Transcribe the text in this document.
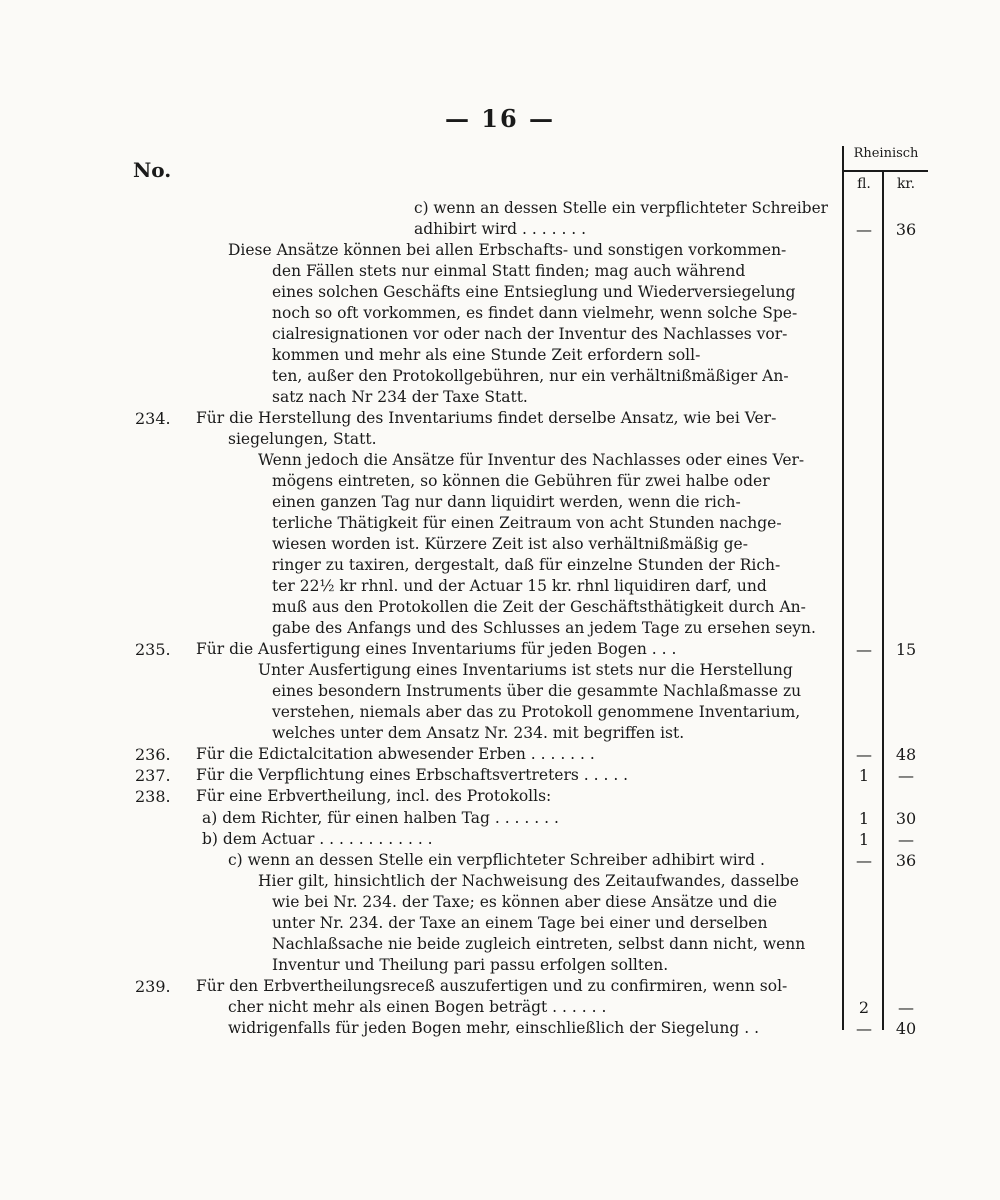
— 16 —
No.
Rheinisch
fl.	kr.
c) wenn an dessen Stelle ein verpflichteter Schreiber
adhibirt wird . . . . . . .	—	36
Diese Ansätze können bei allen Erbschafts- und sonstigen vorkommen-
den Fällen stets nur einmal Statt finden; mag auch während
eines solchen Geschäfts eine Entsieglung und Wiederversiegelung
noch so oft vorkommen, es findet dann vielmehr, wenn solche Spe-
cialresignationen vor oder nach der Inventur des Nachlasses vor-
kommen und mehr als eine Stunde Zeit erfordern soll-
ten, außer den Protokollgebühren, nur ein verhältnißmäßiger An-
satz nach Nr 234 der Taxe Statt.
234. Für die Herstellung des Inventariums findet derselbe Ansatz, wie bei Ver-
siegelungen, Statt.
Wenn jedoch die Ansätze für Inventur des Nachlasses oder eines Ver-
mögens eintreten, so können die Gebühren für zwei halbe oder
einen ganzen Tag nur dann liquidirt werden, wenn die rich-
terliche Thätigkeit für einen Zeitraum von acht Stunden nachge-
wiesen worden ist. Kürzere Zeit ist also verhältnißmäßig ge-
ringer zu taxiren, dergestalt, daß für einzelne Stunden der Rich-
ter 22½ kr rhnl. und der Actuar 15 kr. rhnl liquidiren darf, und
muß aus den Protokollen die Zeit der Geschäftsthätigkeit durch An-
gabe des Anfangs und des Schlusses an jedem Tage zu ersehen seyn.
235. Für die Ausfertigung eines Inventariums für jeden Bogen . . .	—	15
Unter Ausfertigung eines Inventariums ist stets nur die Herstellung
eines besondern Instruments über die gesammte Nachlaßmasse zu
verstehen, niemals aber das zu Protokoll genommene Inventarium,
welches unter dem Ansatz Nr. 234. mit begriffen ist.
236. Für die Edictalcitation abwesender Erben . . . . . . .	—	48
237. Für die Verpflichtung eines Erbschaftsvertreters . . . . .	1	—
238. Für eine Erbvertheilung, incl. des Protokolls:
a) dem Richter, für einen halben Tag . . . . . . .	1	30
b) dem Actuar . . . . . . . . . . . .	1	—
c) wenn an dessen Stelle ein verpflichteter Schreiber adhibirt wird .	—	36
Hier gilt, hinsichtlich der Nachweisung des Zeitaufwandes, dasselbe
wie bei Nr. 234. der Taxe; es können aber diese Ansätze und die
unter Nr. 234. der Taxe an einem Tage bei einer und derselben
Nachlaßsache nie beide zugleich eintreten, selbst dann nicht, wenn
Inventur und Theilung pari passu erfolgen sollten.
239. Für den Erbvertheilungsreceß auszufertigen und zu confirmiren, wenn sol-
cher nicht mehr als einen Bogen beträgt . . . . . .	2	—
widrigenfalls für jeden Bogen mehr, einschließlich der Siegelung . .	—	40
